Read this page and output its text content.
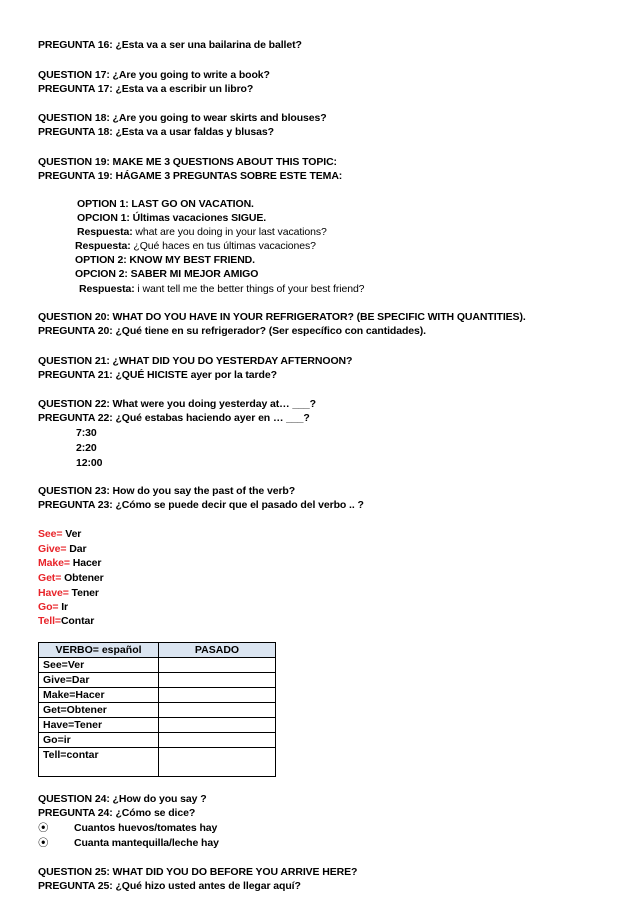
PREGUNTA 16: ¿Esta va a ser una bailarina de ballet?
QUESTION 17: ¿Are you going to write a book?
PREGUNTA 17: ¿Esta va a escribir un libro?
QUESTION 18: ¿Are you going to wear skirts and blouses?
PREGUNTA 18: ¿Esta va a usar faldas y blusas?
QUESTION 19: MAKE ME 3 QUESTIONS ABOUT THIS TOPIC:
PREGUNTA 19: HÁGAME 3 PREGUNTAS SOBRE ESTE TEMA:
OPTION 1: LAST GO ON VACATION.
OPCION 1: Últimas vacaciones SIGUE.
Respuesta: what are you doing in your last vacations?
Respuesta: ¿Qué haces en tus últimas vacaciones?
OPTION 2: KNOW MY BEST FRIEND.
OPCION 2: SABER MI MEJOR AMIGO
Respuesta: i want tell me the better things of your best friend?
QUESTION 20: WHAT DO YOU HAVE IN YOUR REFRIGERATOR? (BE SPECIFIC WITH QUANTITIES).
PREGUNTA 20: ¿Qué tiene en su refrigerador? (Ser específico con cantidades).
QUESTION 21: ¿WHAT DID YOU DO YESTERDAY AFTERNOON?
PREGUNTA 21: ¿QUÉ HICISTE ayer por la tarde?
QUESTION 22: What were you doing yesterday at… ___?
PREGUNTA 22: ¿Qué estabas haciendo ayer en … ___?
7:30
2:20
12:00
QUESTION 23: How do you say the past of the verb?
PREGUNTA 23: ¿Cómo se puede decir que el pasado del verbo .. ?
See= Ver
Give= Dar
Make= Hacer
Get= Obtener
Have= Tener
Go= Ir
Tell=Contar
VERBO= español	PASADO
See=Ver	
Give=Dar	
Make=Hacer	
Get=Obtener	
Have=Tener	
Go=ir	
Tell=contar	
QUESTION 24: ¿How do you say ?
PREGUNTA 24: ¿Cómo se dice?
⦿ Cuantos huevos/tomates hay
⦿ Cuanta mantequilla/leche hay
QUESTION 25: WHAT DID YOU DO BEFORE YOU ARRIVE HERE?
PREGUNTA 25: ¿Qué hizo usted antes de llegar aquí?
